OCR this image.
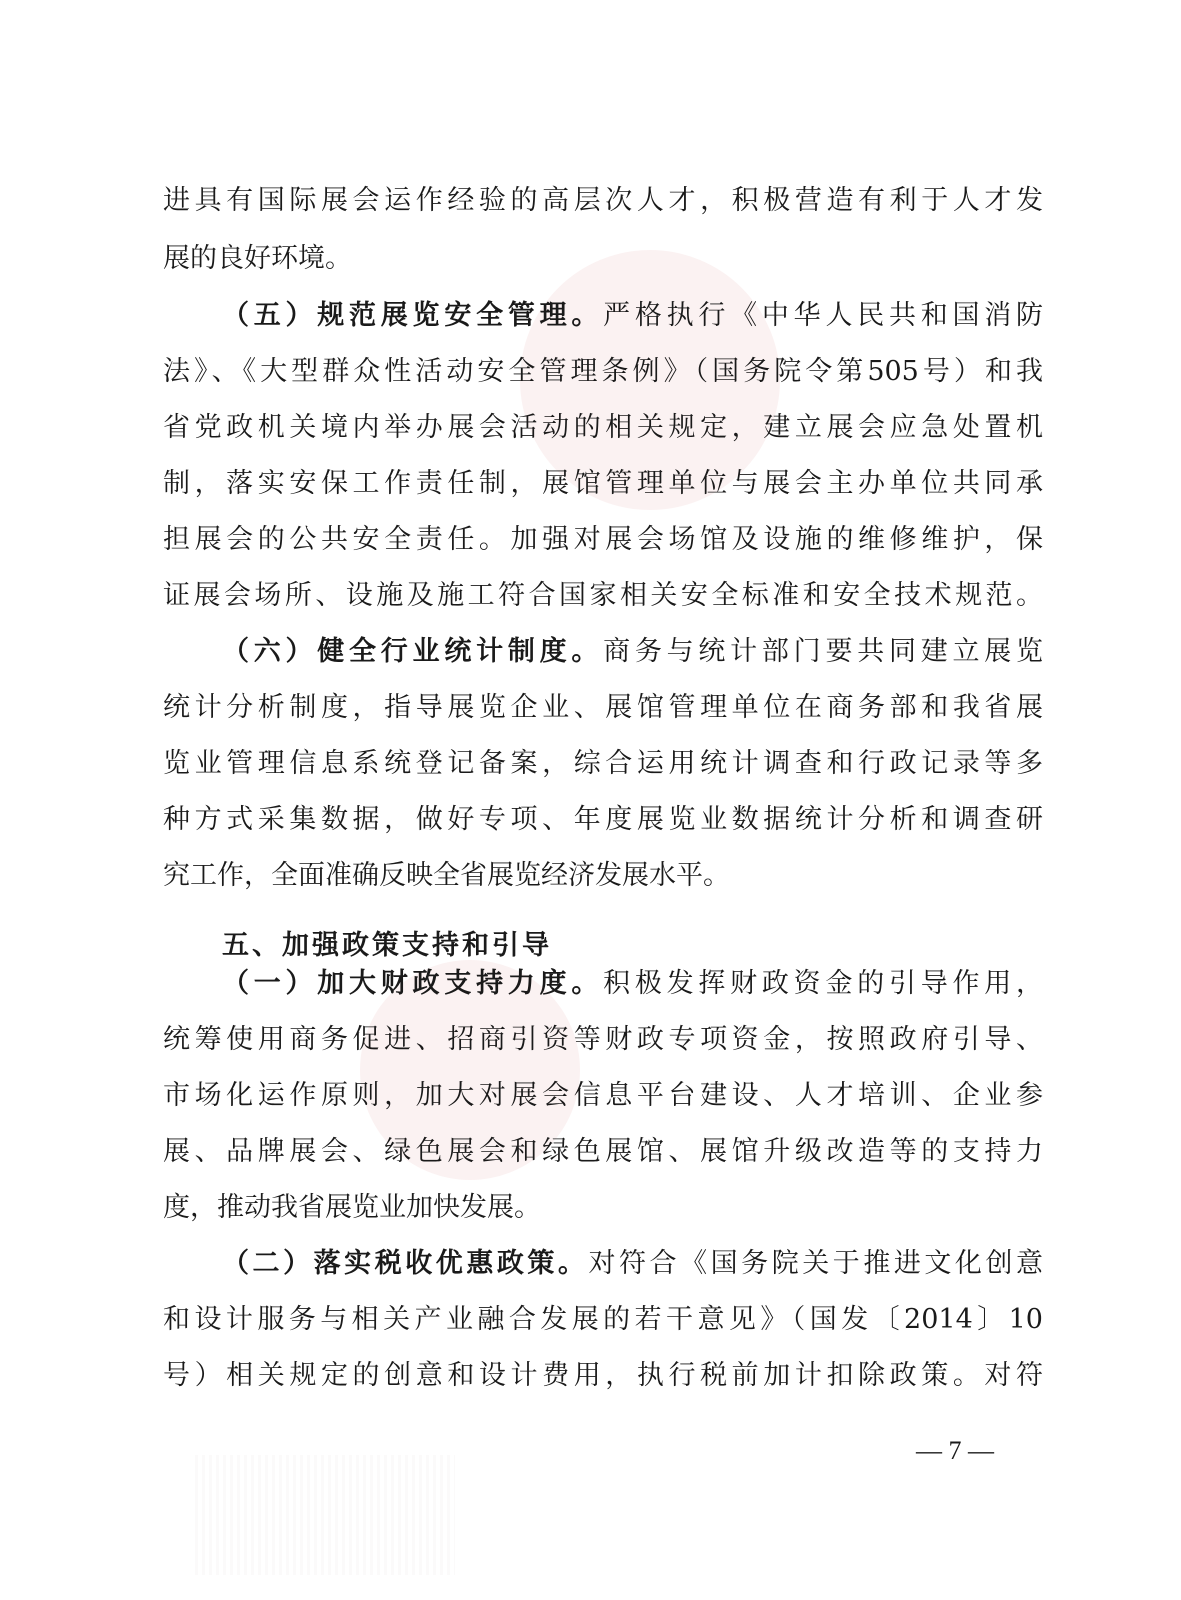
进具有国际展会运作经验的高层次人才，积极营造有利于人才发
展的良好环境。
（五）规范展览安全管理。严格执行《中华人民共和国消防
法》、《大型群众性活动安全管理条例》（国务院令第505号）和我
省党政机关境内举办展会活动的相关规定，建立展会应急处置机
制，落实安保工作责任制，展馆管理单位与展会主办单位共同承
担展会的公共安全责任。加强对展会场馆及设施的维修维护，保
证展会场所、设施及施工符合国家相关安全标准和安全技术规范。
（六）健全行业统计制度。商务与统计部门要共同建立展览
统计分析制度，指导展览企业、展馆管理单位在商务部和我省展
览业管理信息系统登记备案，综合运用统计调查和行政记录等多
种方式采集数据，做好专项、年度展览业数据统计分析和调查研
究工作，全面准确反映全省展览经济发展水平。
五、加强政策支持和引导
（一）加大财政支持力度。积极发挥财政资金的引导作用，
统筹使用商务促进、招商引资等财政专项资金，按照政府引导、
市场化运作原则，加大对展会信息平台建设、人才培训、企业参
展、品牌展会、绿色展会和绿色展馆、展馆升级改造等的支持力
度，推动我省展览业加快发展。
（二）落实税收优惠政策。对符合《国务院关于推进文化创意
和设计服务与相关产业融合发展的若干意见》（国发〔2014〕10
号）相关规定的创意和设计费用，执行税前加计扣除政策。对符
— 7 —
